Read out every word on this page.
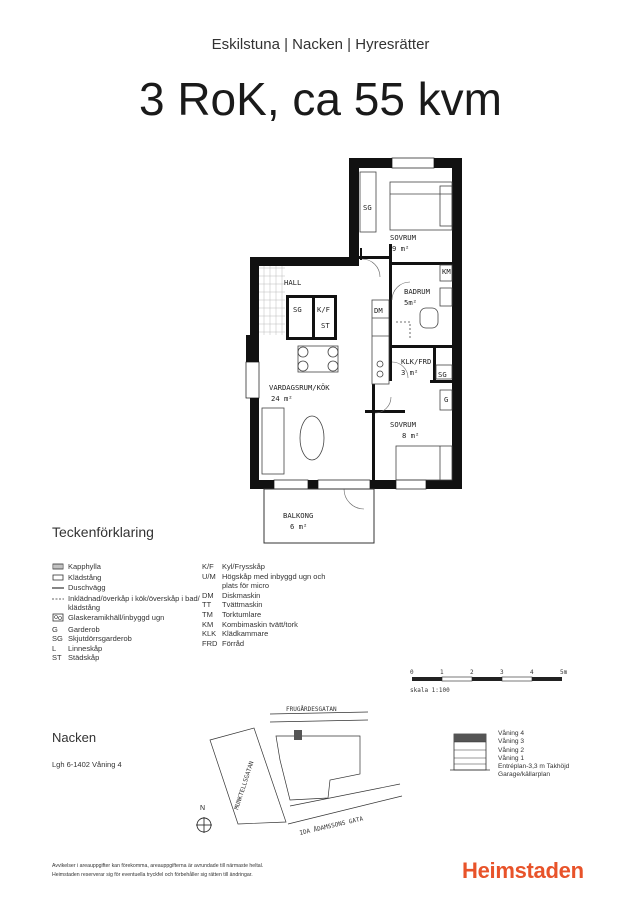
Eskilstuna | Nacken | Hyresrätter
3 RoK, ca 55 kvm
SOVRUM
9 m²
BADRUM
5m²
HALL
KLK/FRD
3 m²
VARDAGSRUM/KÖK
24 m²
SOVRUM
8 m²
BALKONG
6 m²
SG
SG K/F
ST
DM
KM
SG
G
Teckenförklaring
Kapphylla
Klädstång
Duschvägg
Inklädnad/överkåp i kök/överskåp i bad/ klädstång
Glaskeramikhäll/inbyggd ugn
G	Garderob
SG Skjutdörrsgarderob
L	Linneskåp
ST Städskåp
K/F	Kyl/Frysskåp
U/M Högskåp med inbyggd ugn och plats för micro
DM	Diskmaskin
TT	Tvättmaskin
TM	Torktumlare
KM	Kombimaskin tvätt/tork
KLK Klädkammare
FRD Förråd
0	1	2	3	4	5m
skala 1:100
Nacken
Lgh 6-1402 Våning 4
FRUGÅRDESGATAN
MUNKTELLSGATAN
IDA ÅDAMSSONS GATA
N
Våning 4
Våning 3
Våning 2
Våning 1
Entréplan-3,3 m Takhöjd
Garage/källarplan
Avvikelser i areauppgifter kan förekomma, areauppgifterna är avrundade till närmaste heltal.
Heimstaden reserverar sig för eventuella tryckfel och förbehåller sig rätten till ändringar.	Heimstaden
